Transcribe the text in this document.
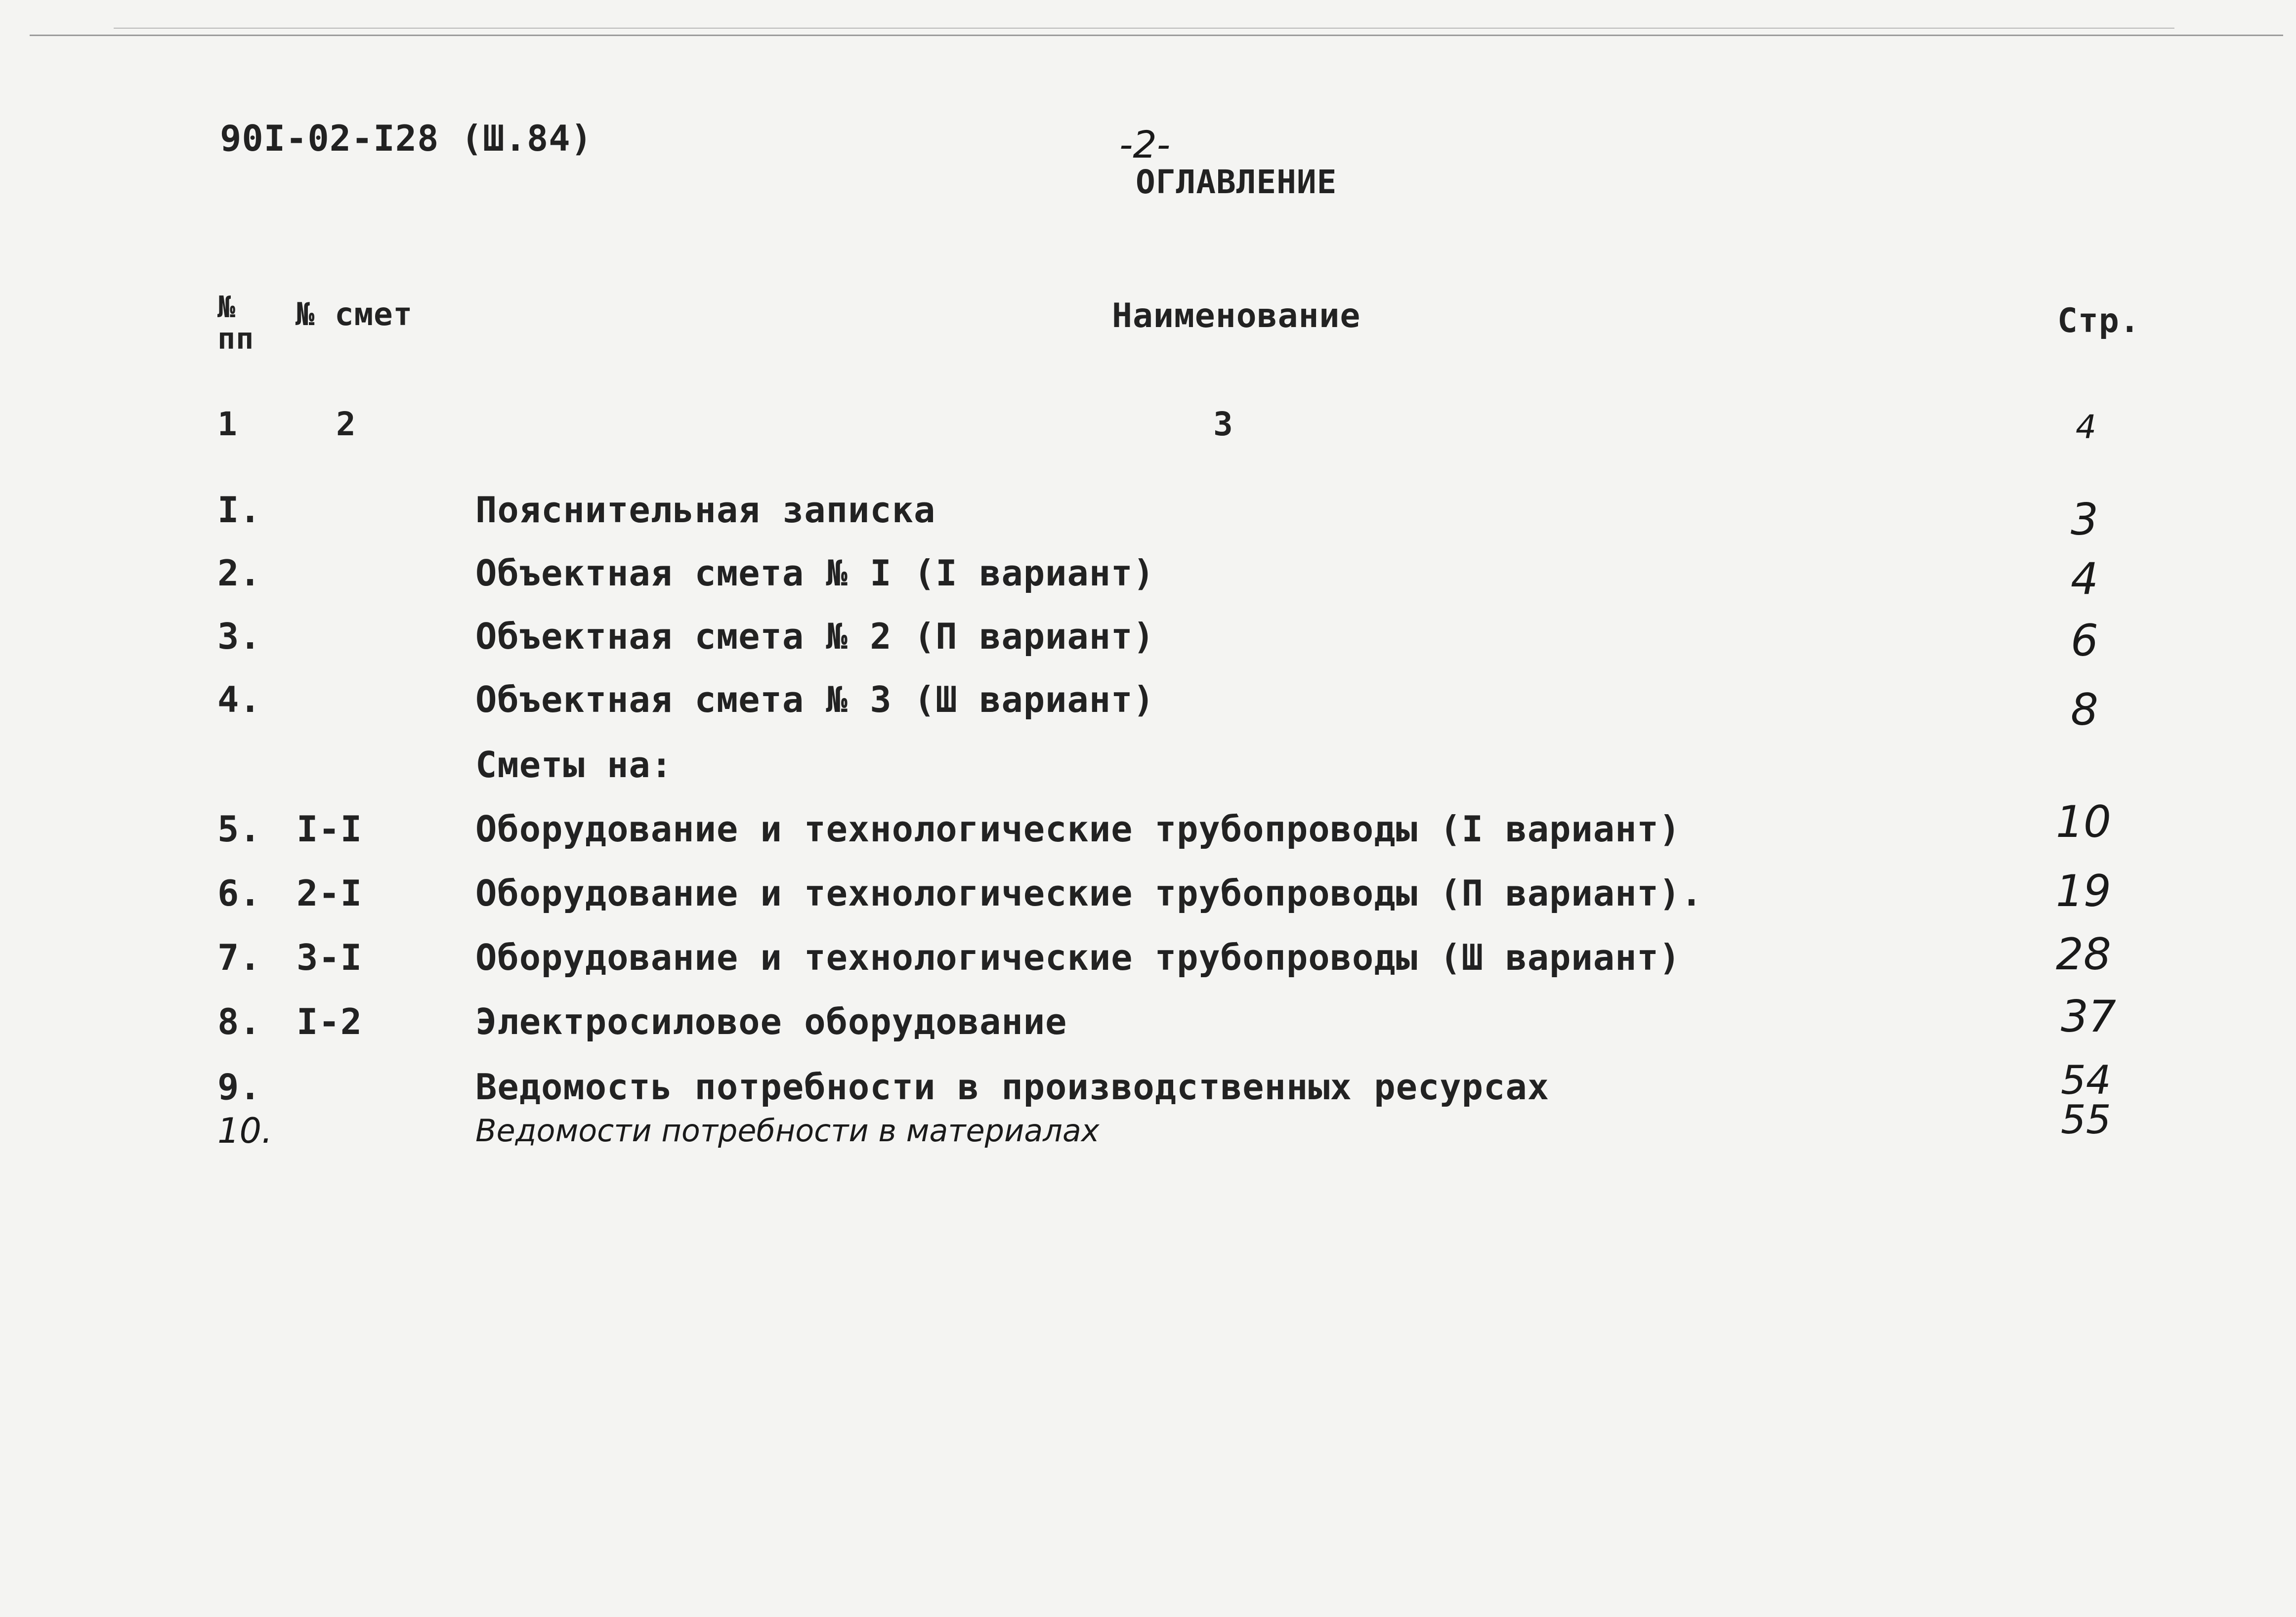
90I-02-I28 (Ш.84)	-2-
ОГЛАВЛЕНИЕ
№ пп
№ смет	Наименование	Стр.
1	2	3	4
I.	Пояснительная записка	3
2.	Объектная смета № I (I вариант)	4
3.	Объектная смета № 2 (П вариант)	6
4.	Объектная смета № 3 (Ш вариант)	8
Сметы на:
5. I-I	Оборудование и технологические трубопроводы (I вариант)	10
6. 2-I	Оборудование и технологические трубопроводы (П вариант).	19
7. 3-I	Оборудование и технологические трубопроводы (Ш вариант)	28
8. I-2	Электросиловое оборудование	37
9.	Ведомость потребности в производственных ресурсах	54
10.	Ведомости потребности в материалах	55
